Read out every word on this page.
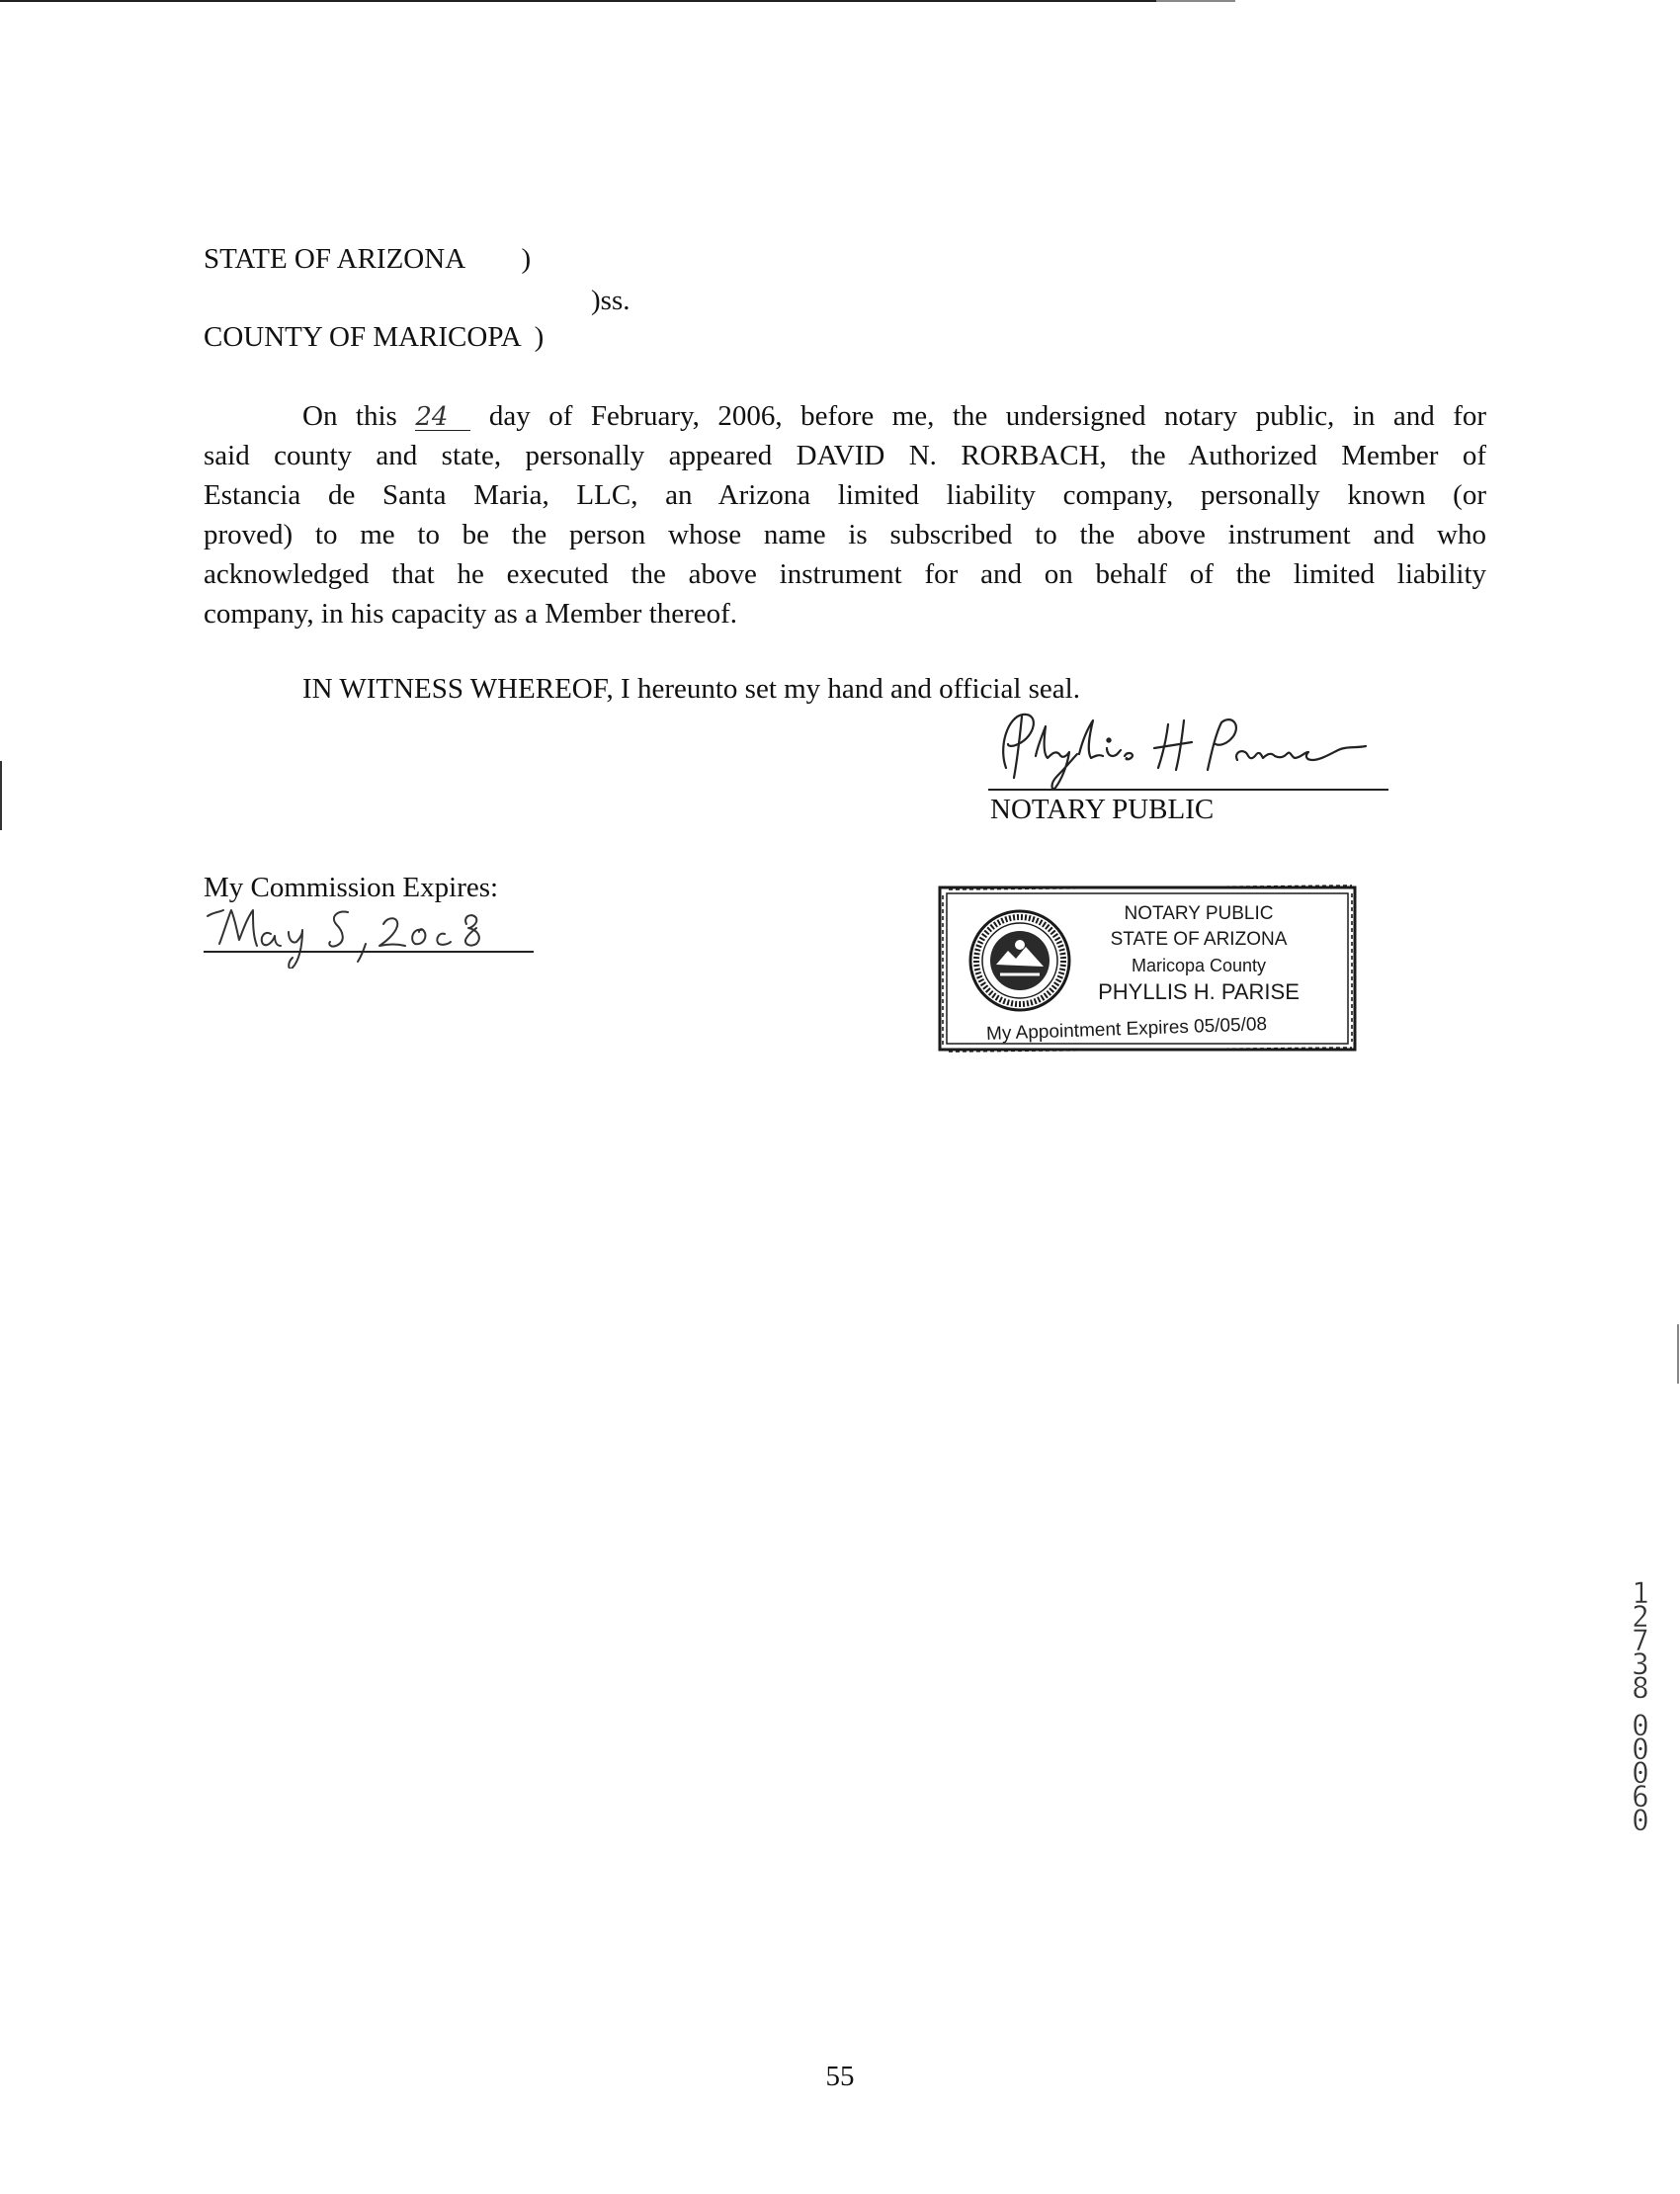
STATE OF ARIZONA        )
)ss.
COUNTY OF MARICOPA  )
On this 24 day of February, 2006, before me, the undersigned notary public, in and for
said county and state, personally appeared DAVID N. RORBACH, the Authorized Member of
Estancia de Santa Maria, LLC, an Arizona limited liability company, personally known (or
proved) to me to be the person whose name is subscribed to the above instrument and who
acknowledged that he executed the above instrument for and on behalf of the limited liability
company, in his capacity as a Member thereof.
IN WITNESS WHEREOF, I hereunto set my hand and official seal.
NOTARY PUBLIC
My Commission Expires:
NOTARY PUBLIC
STATE OF ARIZONA
Maricopa County
PHYLLIS H. PARISE
My Appointment Expires 05/05/08
1
2
7
3
8
0
0
0
6
0
55
